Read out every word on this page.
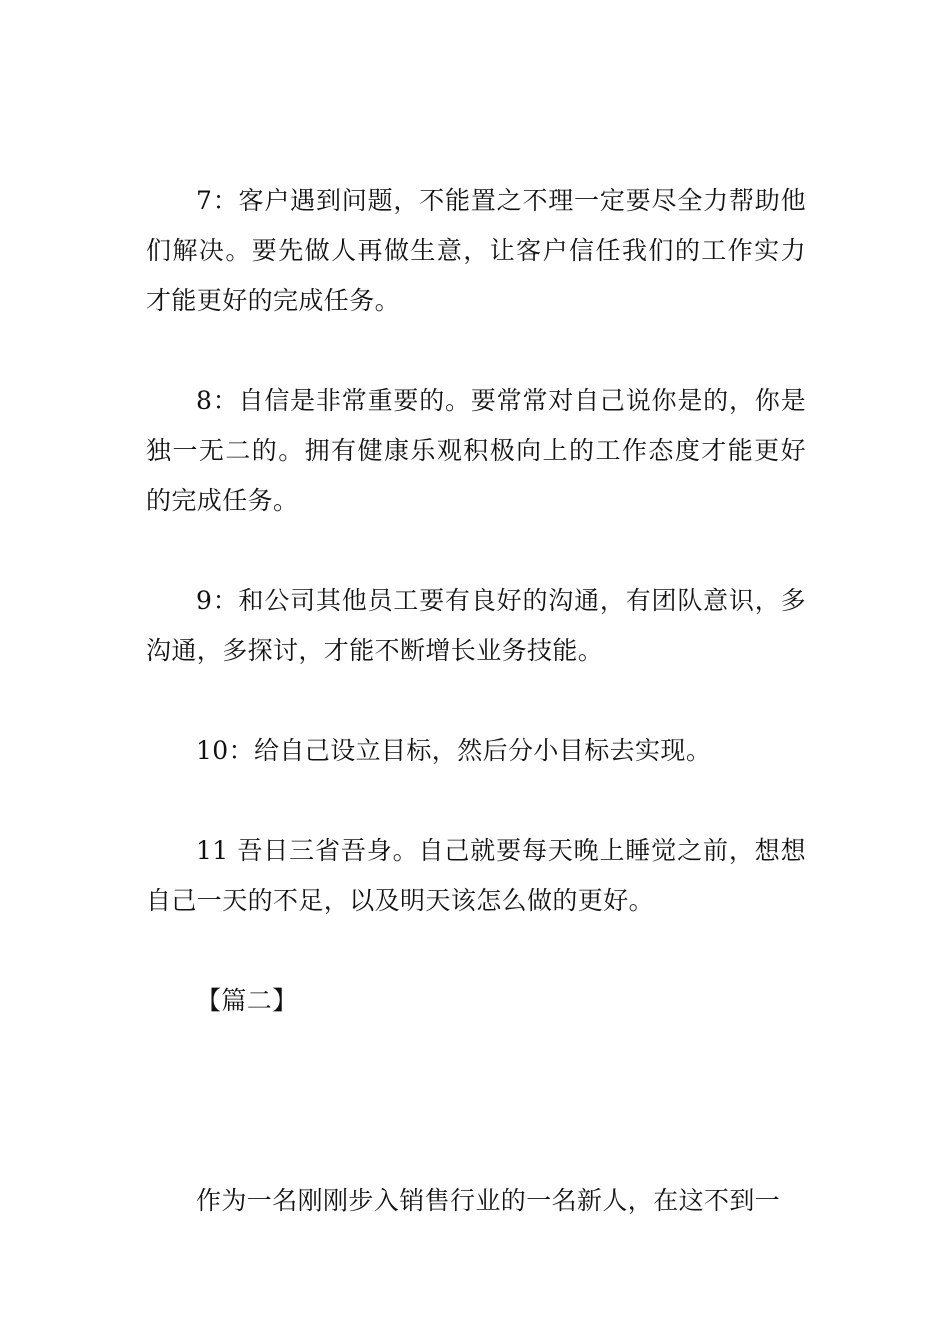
7：客户遇到问题，不能置之不理一定要尽全力帮助他们解决。要先做人再做生意，让客户信任我们的工作实力才能更好的完成任务。

8：自信是非常重要的。要常常对自己说你是的，你是独一无二的。拥有健康乐观积极向上的工作态度才能更好的完成任务。

9：和公司其他员工要有良好的沟通，有团队意识，多沟通，多探讨，才能不断增长业务技能。

10：给自己设立目标，然后分小目标去实现。

11 吾日三省吾身。自己就要每天晚上睡觉之前，想想自己一天的不足，以及明天该怎么做的更好。

【篇二】

作为一名刚刚步入销售行业的一名新人，在这不到一
